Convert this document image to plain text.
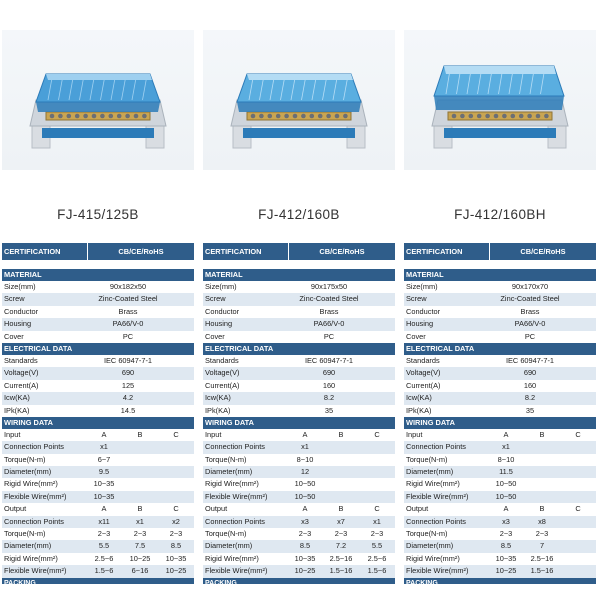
FJ-415/125B
CERTIFICATION	CB/CE/RoHS
MATERIAL
Size(mm)	90x182x50
Screw	Zinc-Coated Steel
Conductor	Brass
Housing	PA66/V-0
Cover	PC
ELECTRICAL DATA
Standards	IEC 60947-7-1
Voltage(V)	690
Current(A)	125
Icw(KA)	4.2
IPk(KA)	14.5
WIRING DATA
Input	A	B	C
Connection Points	x1
Torque(N-m)	6~7
Diameter(mm)	9.5
Rigid Wire(mm²)	10~35
Flexible Wire(mm²)	10~35
Output	A	B	C
Connection Points	x11	x1	x2
Torque(N-m)	2~3	2~3	2~3
Diameter(mm)	5.5	7.5	8.5
Rigid Wire(mm²)	2.5~6	10~25	10~35
Flexible Wire(mm²)	1.5~6	6~16	10~25
PACKING
FJ-412/160B
CERTIFICATION	CB/CE/RoHS
MATERIAL
Size(mm)	90x175x50
Screw	Zinc-Coated Steel
Conductor	Brass
Housing	PA66/V-0
Cover	PC
ELECTRICAL DATA
Standards	IEC 60947-7-1
Voltage(V)	690
Current(A)	160
Icw(KA)	8.2
IPk(KA)	35
WIRING DATA
Input	A	B	C
Connection Points	x1
Torque(N-m)	8~10
Diameter(mm)	12
Rigid Wire(mm²)	10~50
Flexible Wire(mm²)	10~50
Output	A	B	C
Connection Points	x3	x7	x1
Torque(N-m)	2~3	2~3	2~3
Diameter(mm)	8.5	7.2	5.5
Rigid Wire(mm²)	10~35	2.5~16	2.5~6
Flexible Wire(mm²)	10~25	1.5~16	1.5~6
PACKING
FJ-412/160BH
CERTIFICATION	CB/CE/RoHS
MATERIAL
Size(mm)	90x170x70
Screw	Zinc-Coated Steel
Conductor	Brass
Housing	PA66/V-0
Cover	PC
ELECTRICAL DATA
Standards	IEC 60947-7-1
Voltage(V)	690
Current(A)	160
Icw(KA)	8.2
IPk(KA)	35
WIRING DATA
Input	A	B	C
Connection Points	x1
Torque(N-m)	8~10
Diameter(mm)	11.5
Rigid Wire(mm²)	10~50
Flexible Wire(mm²)	10~50
Output	A	B	C
Connection Points	x3	x8
Torque(N-m)	2~3	2~3
Diameter(mm)	8.5	7
Rigid Wire(mm²)	10~35	2.5~16
Flexible Wire(mm²)	10~25	1.5~16
PACKING
